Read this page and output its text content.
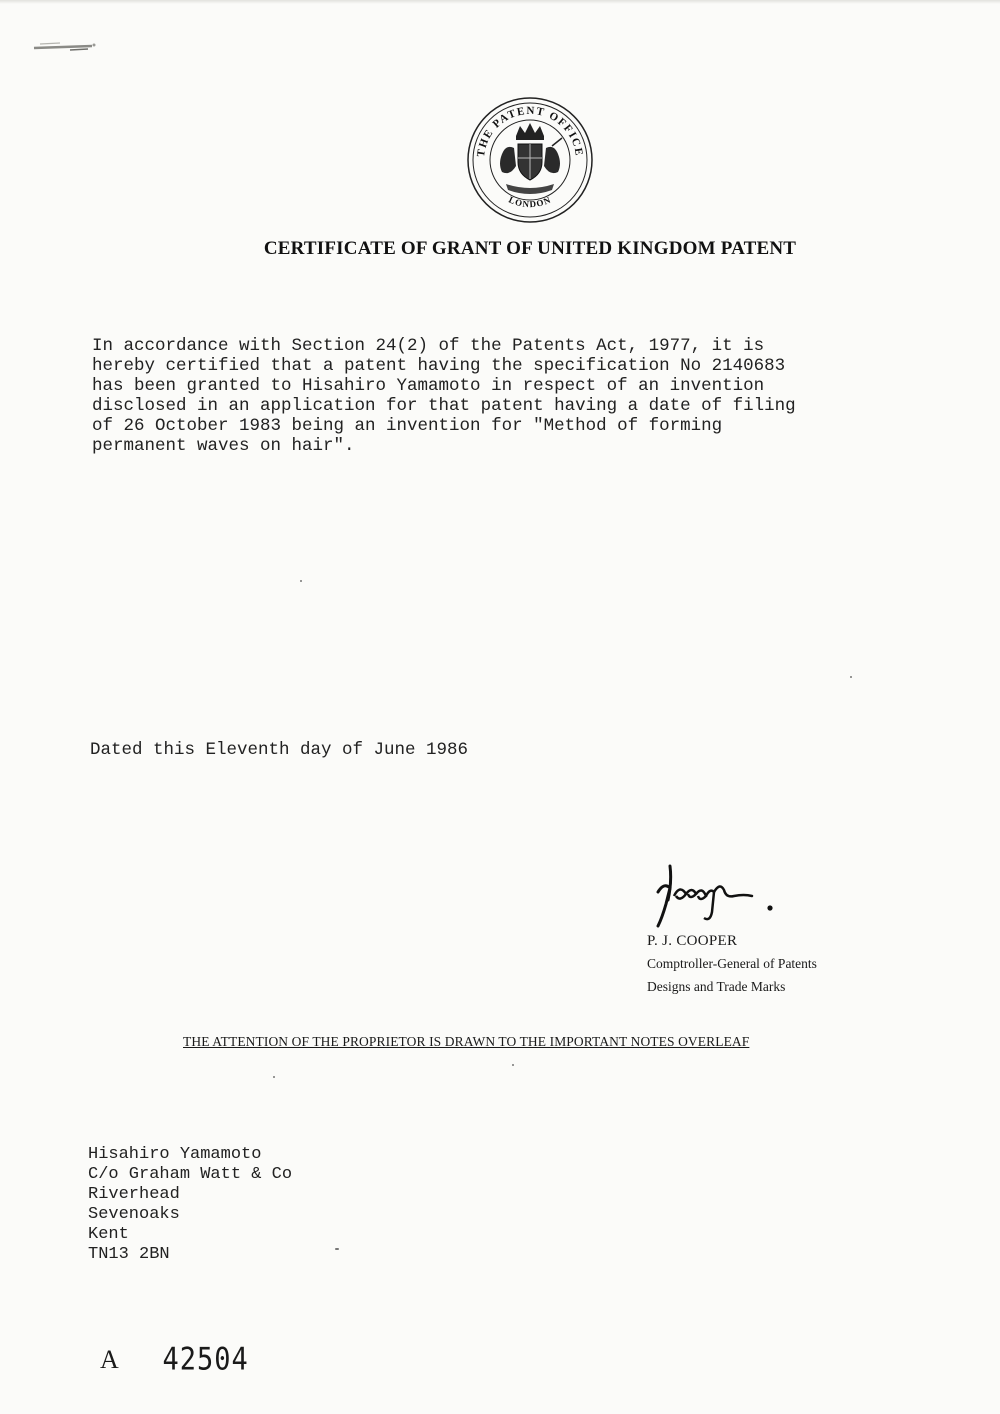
THE PATENT OFFICE
LONDON
CERTIFICATE OF GRANT OF UNITED KINGDOM PATENT

In accordance with Section 24(2) of the Patents Act, 1977, it is
hereby certified that a patent having the specification No 2140683
has been granted to Hisahiro Yamamoto in respect of an invention
disclosed in an application for that patent having a date of filing
of 26 October 1983 being an invention for "Method of forming
permanent waves on hair".

Dated this Eleventh day of June 1986

P. J. COOPER
Comptroller-General of Patents
Designs and Trade Marks

THE ATTENTION OF THE PROPRIETOR IS DRAWN TO THE IMPORTANT NOTES OVERLEAF

Hisahiro Yamamoto
C/o Graham Watt & Co
Riverhead
Sevenoaks
Kent
TN13 2BN

A 42504
